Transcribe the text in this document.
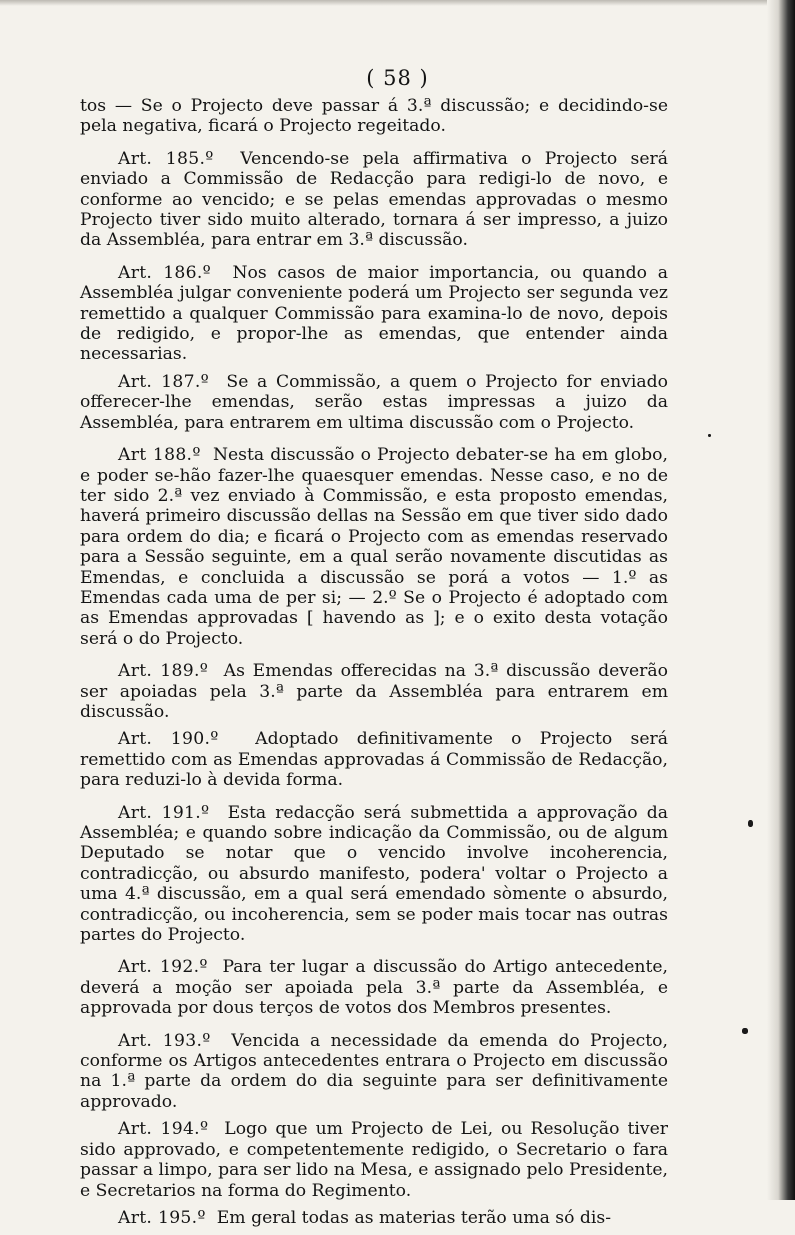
( 58 )

tos — Se o Projecto deve passar á 3.ª discussão; e decidindo-se pela negativa, ficará o Projecto regeitado.

Art. 185.º Vencendo-se pela affirmativa o Projecto será enviado a Commissão de Redacção para redigi-lo de novo, e conforme ao vencido; e se pelas emendas approvadas o mesmo Projecto tiver sido muito alterado, tornara á ser impresso, a juizo da Assembléa, para entrar em 3.ª discussão.

Art. 186.º Nos casos de maior importancia, ou quando a Assembléa julgar conveniente poderá um Projecto ser segunda vez remettido a qualquer Commissão para examina-lo de novo, depois de redigido, e propor-lhe as emendas, que entender ainda necessarias.

Art. 187.º Se a Commissão, a quem o Projecto for enviado offerecer-lhe emendas, serão estas impressas a juizo da Assembléa, para entrarem em ultima discussão com o Projecto.

Art 188.º Nesta discussão o Projecto debater-se ha em globo, e poder se-hão fazer-lhe quaesquer emendas. Nesse caso, e no de ter sido 2.ª vez enviado à Commissão, e esta proposto emendas, haverá primeiro discussão dellas na Sessão em que tiver sido dado para ordem do dia; e ficará o Projecto com as emendas reservado para a Sessão seguinte, em a qual serão novamente discutidas as Emendas, e concluida a discussão se porá a votos — 1.º as Emendas cada uma de per si; — 2.º Se o Projecto é adoptado com as Emendas approvadas [ havendo as ]; e o exito desta votação será o do Projecto.

Art. 189.º As Emendas offerecidas na 3.ª discussão deverão ser apoiadas pela 3.ª parte da Assembléa para entrarem em discussão.

Art. 190.º Adoptado definitivamente o Projecto será remettido com as Emendas approvadas á Commissão de Redacção, para reduzi-lo à devida forma.

Art. 191.º Esta redacção será submettida a approvação da Assembléa; e quando sobre indicação da Commissão, ou de algum Deputado se notar que o vencido involve incoherencia, contradicção, ou absurdo manifesto, podera' voltar o Projecto a uma 4.ª discussão, em a qual será emendado sòmente o absurdo, contradicção, ou incoherencia, sem se poder mais tocar nas outras partes do Projecto.

Art. 192.º Para ter lugar a discussão do Artigo antecedente, deverá a moção ser apoiada pela 3.ª parte da Assembléa, e approvada por dous terços de votos dos Membros presentes.

Art. 193.º Vencida a necessidade da emenda do Projecto, conforme os Artigos antecedentes entrara o Projecto em discussão na 1.ª parte da ordem do dia seguinte para ser definitivamente approvado.

Art. 194.º Logo que um Projecto de Lei, ou Resolução tiver sido approvado, e competentemente redigido, o Secretario o fara passar a limpo, para ser lido na Mesa, e assignado pelo Presidente, e Secretarios na forma do Regimento.

Art. 195.º Em geral todas as materias terão uma só dis-
